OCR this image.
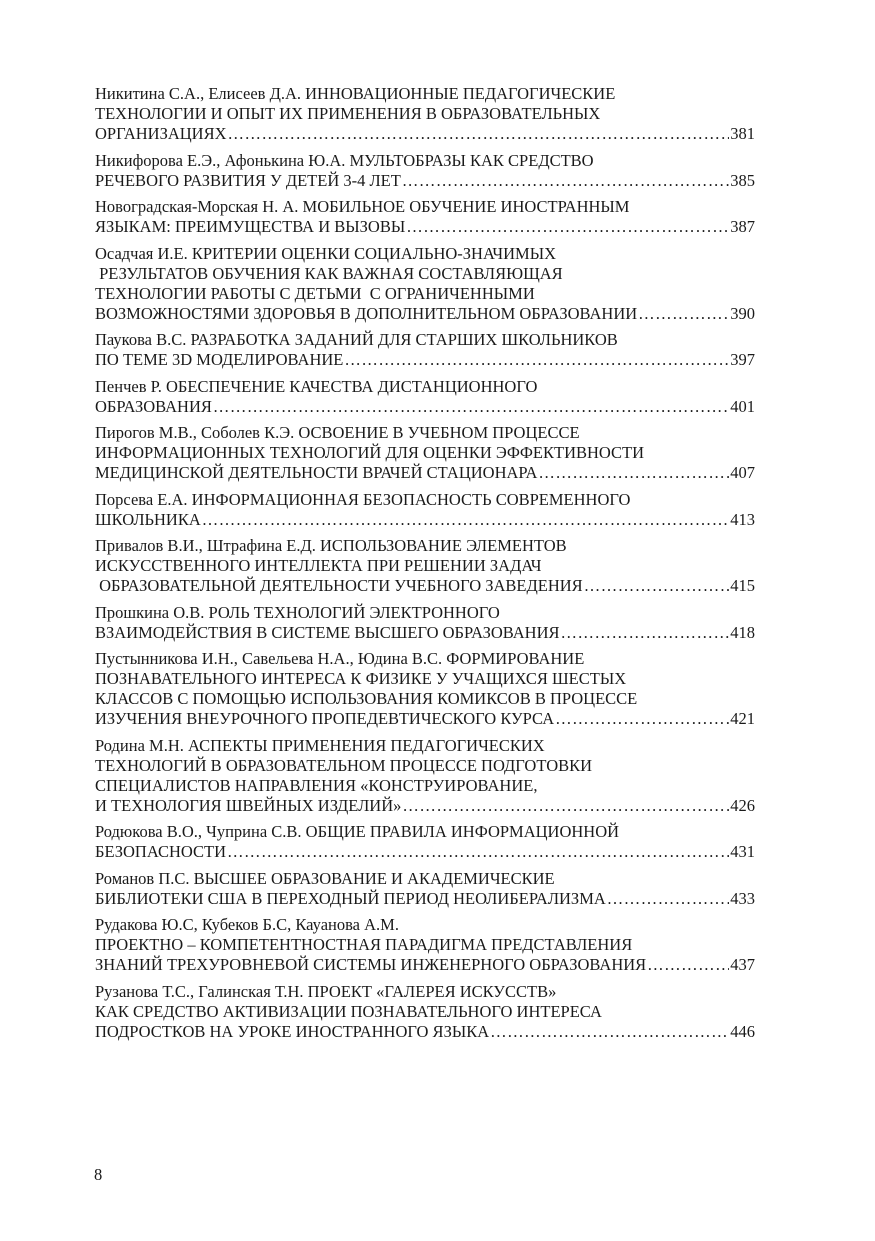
Никитина С.А., Елисеев Д.А. ИННОВАЦИОННЫЕ ПЕДАГОГИЧЕСКИЕ
ТЕХНОЛОГИИ И ОПЫТ ИХ ПРИМЕНЕНИЯ В ОБРАЗОВАТЕЛЬНЫХ
ОРГАНИЗАЦИЯХ …………………………………………………………………………………………………………………………………………………………………………………………………………	381
Никифорова Е.Э., Афонькина Ю.А. МУЛЬТОБРАЗЫ КАК СРЕДСТВО
РЕЧЕВОГО РАЗВИТИЯ У ДЕТЕЙ 3-4 ЛЕТ …………………………………………………………………………………………………………………………………………………………………………………………………………	385
Новоградская-Морская Н. А. МОБИЛЬНОЕ ОБУЧЕНИЕ ИНОСТРАННЫМ
ЯЗЫКАМ: ПРЕИМУЩЕСТВА И ВЫЗОВЫ …………………………………………………………………………………………………………………………………………………………………………………………………………	387
Осадчая И.Е. КРИТЕРИИ ОЦЕНКИ СОЦИАЛЬНО-ЗНАЧИМЫХ
РЕЗУЛЬТАТОВ ОБУЧЕНИЯ КАК ВАЖНАЯ СОСТАВЛЯЮЩАЯ
ТЕХНОЛОГИИ РАБОТЫ С ДЕТЬМИ  С ОГРАНИЧЕННЫМИ
ВОЗМОЖНОСТЯМИ ЗДОРОВЬЯ В ДОПОЛНИТЕЛЬНОМ ОБРАЗОВАНИИ …………………………………………………………………………………………………………………………………………………………………………………………………………	390
Паукова В.С. РАЗРАБОТКА ЗАДАНИЙ ДЛЯ СТАРШИХ ШКОЛЬНИКОВ
ПО ТЕМЕ 3D МОДЕЛИРОВАНИЕ …………………………………………………………………………………………………………………………………………………………………………………………………………	397
Пенчев Р. ОБЕСПЕЧЕНИЕ КАЧЕСТВА ДИСТАНЦИОННОГО
ОБРАЗОВАНИЯ …………………………………………………………………………………………………………………………………………………………………………………………………………	401
Пирогов М.В., Соболев К.Э. ОСВОЕНИЕ В УЧЕБНОМ ПРОЦЕССЕ
ИНФОРМАЦИОННЫХ ТЕХНОЛОГИЙ ДЛЯ ОЦЕНКИ ЭФФЕКТИВНОСТИ
МЕДИЦИНСКОЙ ДЕЯТЕЛЬНОСТИ ВРАЧЕЙ СТАЦИОНАРА …………………………………………………………………………………………………………………………………………………………………………………………………………	407
Порсева Е.А. ИНФОРМАЦИОННАЯ БЕЗОПАСНОСТЬ СОВРЕМЕННОГО
ШКОЛЬНИКА …………………………………………………………………………………………………………………………………………………………………………………………………………	413
Привалов В.И., Штрафина Е.Д. ИСПОЛЬЗОВАНИЕ ЭЛЕМЕНТОВ
ИСКУССТВЕННОГО ИНТЕЛЛЕКТА ПРИ РЕШЕНИИ ЗАДАЧ
ОБРАЗОВАТЕЛЬНОЙ ДЕЯТЕЛЬНОСТИ УЧЕБНОГО ЗАВЕДЕНИЯ …………………………………………………………………………………………………………………………………………………………………………………………………………	415
Прошкина О.В. РОЛЬ ТЕХНОЛОГИЙ ЭЛЕКТРОННОГО
ВЗАИМОДЕЙСТВИЯ В СИСТЕМЕ ВЫСШЕГО ОБРАЗОВАНИЯ …………………………………………………………………………………………………………………………………………………………………………………………………………	418
Пустынникова И.Н., Савельева Н.А., Юдина В.С. ФОРМИРОВАНИЕ
ПОЗНАВАТЕЛЬНОГО ИНТЕРЕСА К ФИЗИКЕ У УЧАЩИХСЯ ШЕСТЫХ
КЛАССОВ С ПОМОЩЬЮ ИСПОЛЬЗОВАНИЯ КОМИКСОВ В ПРОЦЕССЕ
ИЗУЧЕНИЯ ВНЕУРОЧНОГО ПРОПЕДЕВТИЧЕСКОГО КУРСА …………………………………………………………………………………………………………………………………………………………………………………………………………	421
Родина М.Н. АСПЕКТЫ ПРИМЕНЕНИЯ ПЕДАГОГИЧЕСКИХ
ТЕХНОЛОГИЙ В ОБРАЗОВАТЕЛЬНОМ ПРОЦЕССЕ ПОДГОТОВКИ
СПЕЦИАЛИСТОВ НАПРАВЛЕНИЯ «КОНСТРУИРОВАНИЕ,
И ТЕХНОЛОГИЯ ШВЕЙНЫХ ИЗДЕЛИЙ» …………………………………………………………………………………………………………………………………………………………………………………………………………	426
Родюкова В.О., Чуприна С.В. ОБЩИЕ ПРАВИЛА ИНФОРМАЦИОННОЙ
БЕЗОПАСНОСТИ …………………………………………………………………………………………………………………………………………………………………………………………………………	431
Романов П.С. ВЫСШЕЕ ОБРАЗОВАНИЕ И АКАДЕМИЧЕСКИЕ
БИБЛИОТЕКИ США В ПЕРЕХОДНЫЙ ПЕРИОД НЕОЛИБЕРАЛИЗМА …………………………………………………………………………………………………………………………………………………………………………………………………………	433
Рудакова Ю.С, Кубеков Б.С, Кауанова А.М.
ПРОЕКТНО – КОМПЕТЕНТНОСТНАЯ ПАРАДИГМА ПРЕДСТАВЛЕНИЯ
ЗНАНИЙ ТРЕХУРОВНЕВОЙ СИСТЕМЫ ИНЖЕНЕРНОГО ОБРАЗОВАНИЯ …………………………………………………………………………………………………………………………………………………………………………………………………………	437
Рузанова Т.С., Галинская Т.Н. ПРОЕКТ «ГАЛЕРЕЯ ИСКУССТВ»
КАК СРЕДСТВО АКТИВИЗАЦИИ ПОЗНАВАТЕЛЬНОГО ИНТЕРЕСА
ПОДРОСТКОВ НА УРОКЕ ИНОСТРАННОГО ЯЗЫКА …………………………………………………………………………………………………………………………………………………………………………………………………………	446
8
